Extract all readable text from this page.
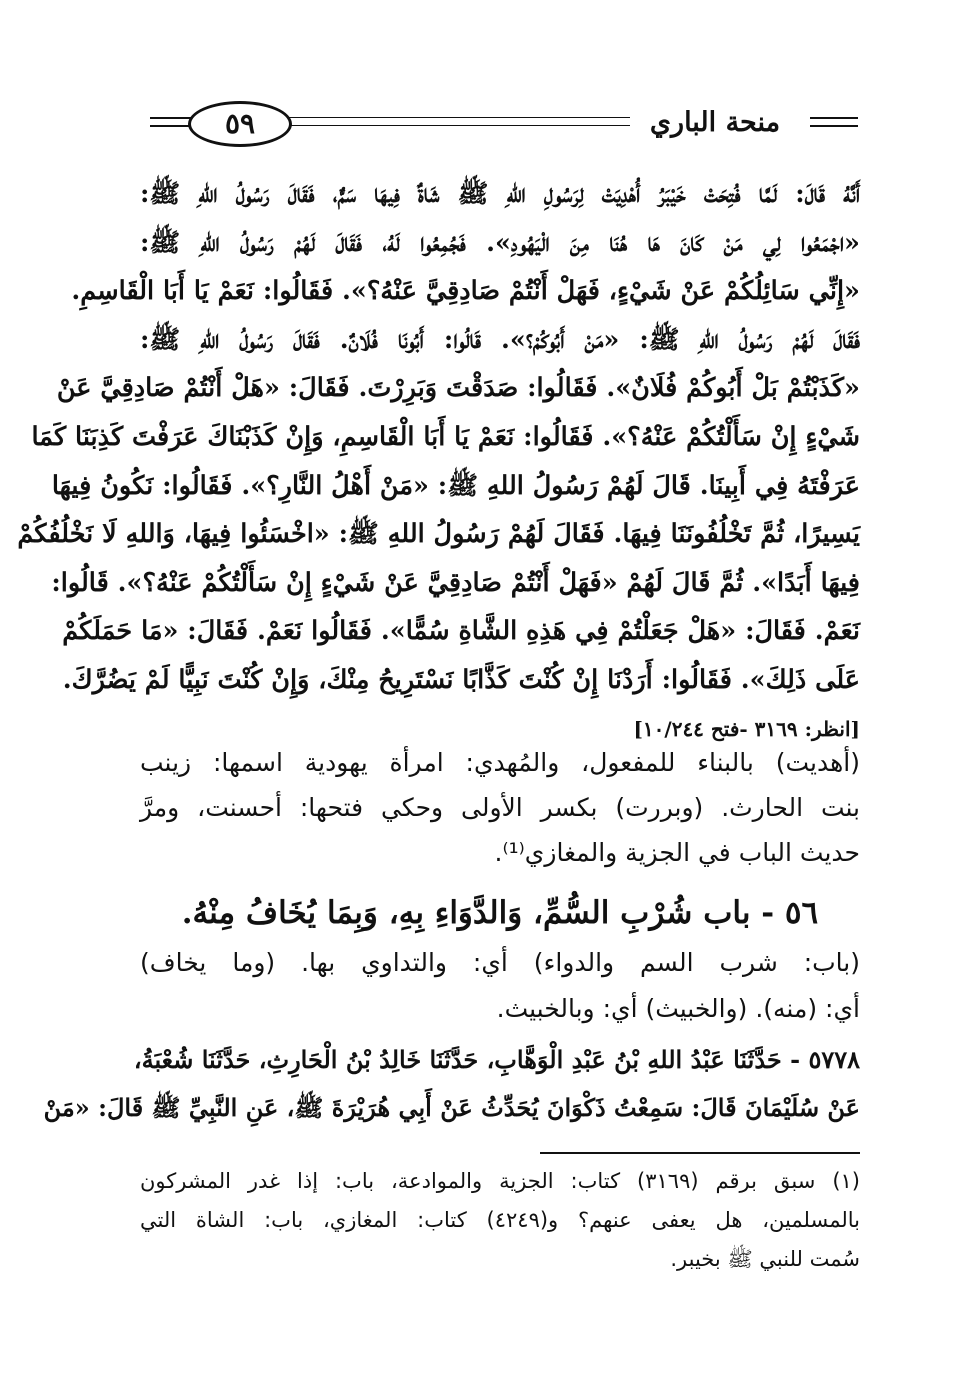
٥٩	منحة الباري
أَنَّهُ قَالَ: لَمَّا فُتِحَتْ خَيْبَرُ أُهْدِيَتْ لِرَسُولِ اللهِ ﷺ شَاةٌ فِيهَا سَمٌّ، فَقَالَ رَسُولُ اللهِ ﷺ:
«اجْمَعُوا لِي مَنْ كَانَ هَا هُنَا مِنَ الْيَهُودِ». فَجُمِعُوا لَهُ، فَقَالَ لَهُمْ رَسُولُ اللهِ ﷺ:
«إِنِّي سَائِلُكُمْ عَنْ شَيْءٍ، فَهَلْ أَنْتُمْ صَادِقِيَّ عَنْهُ؟». فَقَالُوا: نَعَمْ يَا أَبَا الْقَاسِمِ.
فَقَالَ لَهُمْ رَسُولُ اللهِ ﷺ: «مَنْ أَبُوكُمْ؟». قَالُوا: أَبُونَا فُلَانٌ. فَقَالَ رَسُولُ اللهِ ﷺ:
«كَذَبْتُمْ بَلْ أَبُوكُمْ فُلَانٌ». فَقَالُوا: صَدَقْتَ وَبَرِرْتَ. فَقَالَ: «هَلْ أَنْتُمْ صَادِقِيَّ عَنْ
شَيْءٍ إِنْ سَأَلْتُكُمْ عَنْهُ؟». فَقَالُوا: نَعَمْ يَا أَبَا الْقَاسِمِ، وَإِنْ كَذَبْنَاكَ عَرَفْتَ كَذِبَنَا كَمَا
عَرَفْتَهُ فِي أَبِينَا. قَالَ لَهُمْ رَسُولُ اللهِ ﷺ: «مَنْ أَهْلُ النَّارِ؟». فَقَالُوا: نَكُونُ فِيهَا
يَسِيرًا، ثُمَّ تَخْلُفُونَنَا فِيهَا. فَقَالَ لَهُمْ رَسُولُ اللهِ ﷺ: «اخْسَئُوا فِيهَا، وَاللهِ لَا نَخْلُفُكُمْ
فِيهَا أَبَدًا». ثُمَّ قَالَ لَهُمْ «فَهَلْ أَنْتُمْ صَادِقِيَّ عَنْ شَيْءٍ إِنْ سَأَلْتُكُمْ عَنْهُ؟». قَالُوا:
نَعَمْ. فَقَالَ: «هَلْ جَعَلْتُمْ فِي هَذِهِ الشَّاةِ سُمًّا». فَقَالُوا نَعَمْ. فَقَالَ: «مَا حَمَلَكُمْ
عَلَى ذَلِكَ». فَقَالُوا: أَرَدْنَا إِنْ كُنْتَ كَذَّابًا نَسْتَرِيحُ مِنْكَ، وَإِنْ كُنْتَ نَبِيًّا لَمْ يَضُرَّكَ.
[انظر: ٣١٦٩ -فتح ١٠/٢٤٤]
(أهديت) بالبناء للمفعول، والمُهدي: امرأة يهودية اسمها: زينب
بنت الحارث. (وبررت) بكسر الأولى وحكي فتحها: أحسنت، ومرَّ
حديث الباب في الجزية والمغازي⁽¹⁾.
٥٦ - باب شُرْبِ السُّمِّ، وَالدَّوَاءِ بِهِ، وَبِمَا يُخَافُ مِنْهُ.
(باب: شرب السم والدواء) أي: والتداوي بها. (وما يخاف)
أي: (منه). (والخبيث) أي: وبالخبيث.
٥٧٧٨ - حَدَّثَنَا عَبْدُ اللهِ بْنُ عَبْدِ الْوَهَّابِ، حَدَّثَنَا خَالِدُ بْنُ الْحَارِثِ، حَدَّثَنَا شُعْبَةُ،
عَنْ سُلَيْمَانَ قَالَ: سَمِعْتُ ذَكْوَانَ يُحَدِّثُ عَنْ أَبِي هُرَيْرَةَ ﷺ، عَنِ النَّبِيِّ ﷺ قَالَ: «مَنْ
(١) سبق برقم (٣١٦٩) كتاب: الجزية والموادعة، باب: إذا غدر المشركون
بالمسلمين، هل يعفى عنهم؟ و(٤٢٤٩) كتاب: المغازي، باب: الشاة التي
سُمت للنبي ﷺ بخيبر.
